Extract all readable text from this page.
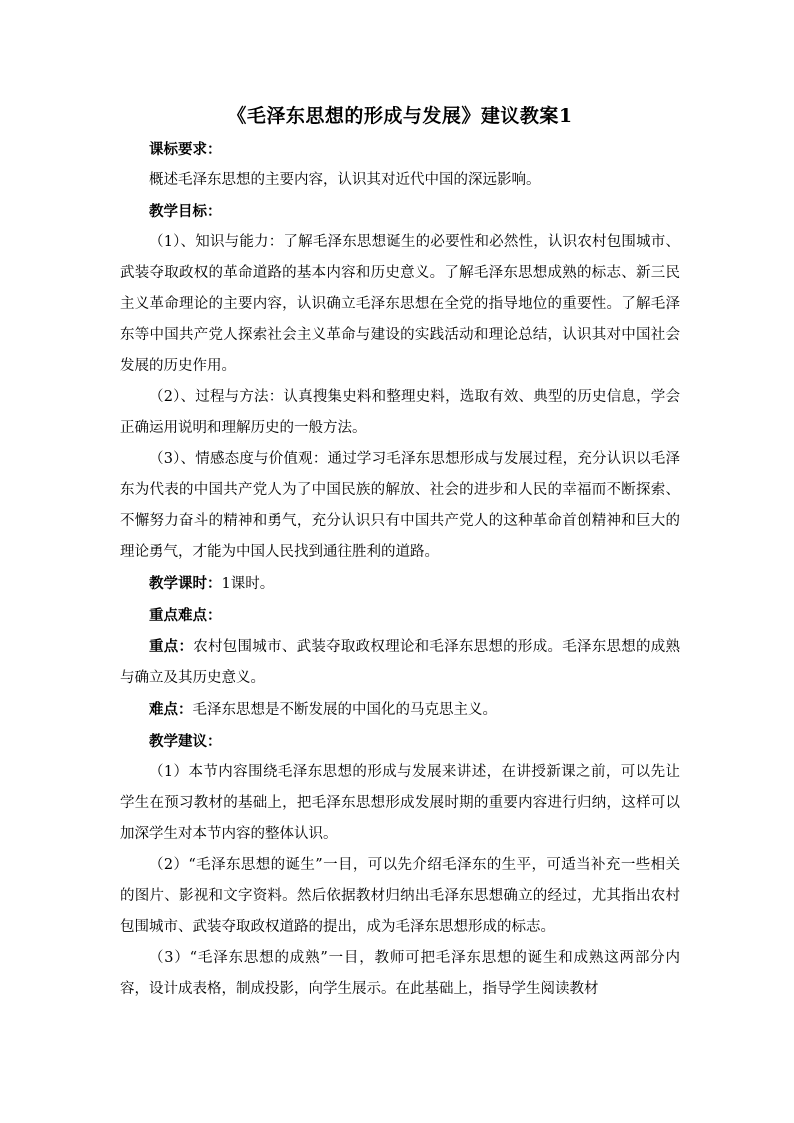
《毛泽东思想的形成与发展》建议教案1

课标要求：

概述毛泽东思想的主要内容，认识其对近代中国的深远影响。

教学目标：

（1）、知识与能力：了解毛泽东思想诞生的必要性和必然性，认识农村包围城市、武装夺取政权的革命道路的基本内容和历史意义。了解毛泽东思想成熟的标志、新三民主义革命理论的主要内容，认识确立毛泽东思想在全党的指导地位的重要性。了解毛泽东等中国共产党人探索社会主义革命与建设的实践活动和理论总结，认识其对中国社会发展的历史作用。

（2）、过程与方法：认真搜集史料和整理史料，选取有效、典型的历史信息，学会正确运用说明和理解历史的一般方法。

（3）、情感态度与价值观：通过学习毛泽东思想形成与发展过程，充分认识以毛泽东为代表的中国共产党人为了中国民族的解放、社会的进步和人民的幸福而不断探索、不懈努力奋斗的精神和勇气，充分认识只有中国共产党人的这种革命首创精神和巨大的理论勇气，才能为中国人民找到通往胜利的道路。

教学课时：1课时。

重点难点：

重点：农村包围城市、武装夺取政权理论和毛泽东思想的形成。毛泽东思想的成熟与确立及其历史意义。

难点：毛泽东思想是不断发展的中国化的马克思主义。

教学建议：

（1）本节内容围绕毛泽东思想的形成与发展来讲述，在讲授新课之前，可以先让学生在预习教材的基础上，把毛泽东思想形成发展时期的重要内容进行归纳，这样可以加深学生对本节内容的整体认识。

（2）“毛泽东思想的诞生”一目，可以先介绍毛泽东的生平，可适当补充一些相关的图片、影视和文字资料。然后依据教材归纳出毛泽东思想确立的经过，尤其指出农村包围城市、武装夺取政权道路的提出，成为毛泽东思想形成的标志。

（3）“毛泽东思想的成熟”一目，教师可把毛泽东思想的诞生和成熟这两部分内容，设计成表格，制成投影，向学生展示。在此基础上，指导学生阅读教材
